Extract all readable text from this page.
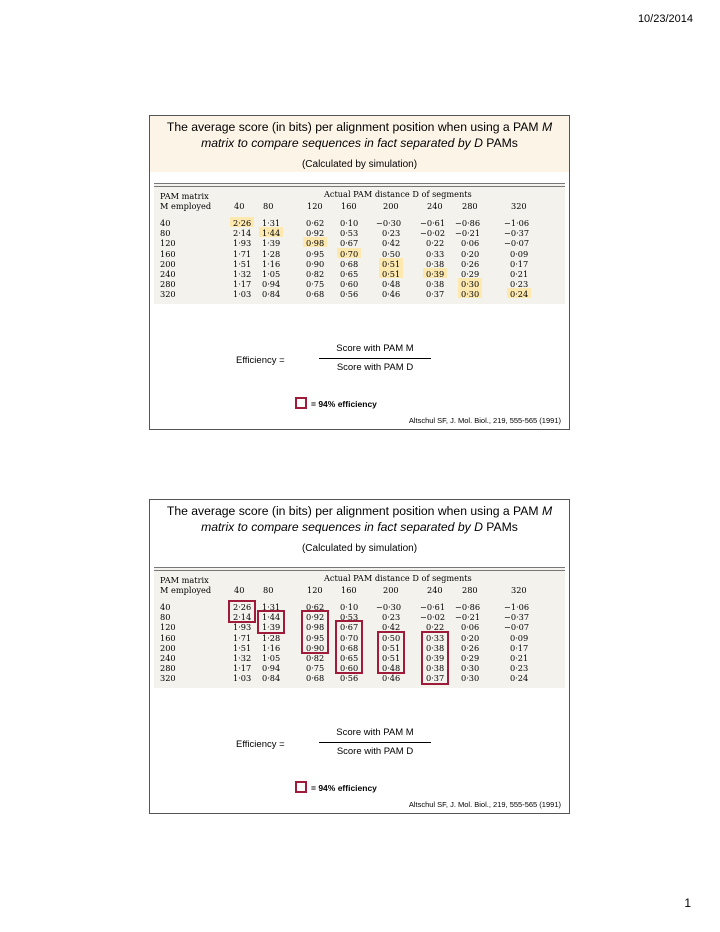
10/23/2014
The average score (in bits) per alignment position when using a PAM M
matrix to compare sequences in fact separated by D PAMs
(Calculated by simulation)
PAM matrix
M employed
Actual PAM distance D of segments
40 80	120 160	200	240 280	320
40	2·26 1·31	0·62 0·10 −0·30 −0·61 −0·86	−1·06
80	2·14 1·44	0·92 0·53	0·23 −0·02 −0·21	−0·37
120	1·93 1·39	0·98 0·67	0·42	0·22 0·06	−0·07
160	1·71 1·28	0·95 0·70	0·50	0·33 0·20	0·09
200	1·51 1·16	0·90 0·68	0·51	0·38 0·26	0·17
240	1·32 1·05	0·82 0·65	0·51	0·39 0·29	0·21
280	1·17 0·94	0·75 0·60	0·48	0·38 0·30	0·23
320	1·03 0·84	0·68 0·56	0·46	0·37 0·30	0·24
Efficiency =
Score with PAM M
Score with PAM D
= 94% efficiency
Altschul SF, J. Mol. Biol., 219, 555-565 (1991)
The average score (in bits) per alignment position when using a PAM M
matrix to compare sequences in fact separated by D PAMs
(Calculated by simulation)
PAM matrix
M employed
Actual PAM distance D of segments
40 80	120 160	200	240 280	320
40	2·26 1·31	0·62 0·10 −0·30 −0·61 −0·86	−1·06
80	2·14 1·44	0·92 0·53	0·23 −0·02 −0·21	−0·37
120	1·93 1·39	0·98 0·67	0·42	0·22 0·06	−0·07
160	1·71 1·28	0·95 0·70	0·50	0·33 0·20	0·09
200	1·51 1·16	0·90 0·68	0·51	0·38 0·26	0·17
240	1·32 1·05	0·82 0·65	0·51	0·39 0·29	0·21
280	1·17 0·94	0·75 0·60	0·48	0·38 0·30	0·23
320	1·03 0·84	0·68 0·56	0·46	0·37 0·30	0·24
Efficiency =
Score with PAM M
Score with PAM D
= 94% efficiency
Altschul SF, J. Mol. Biol., 219, 555-565 (1991)
1
